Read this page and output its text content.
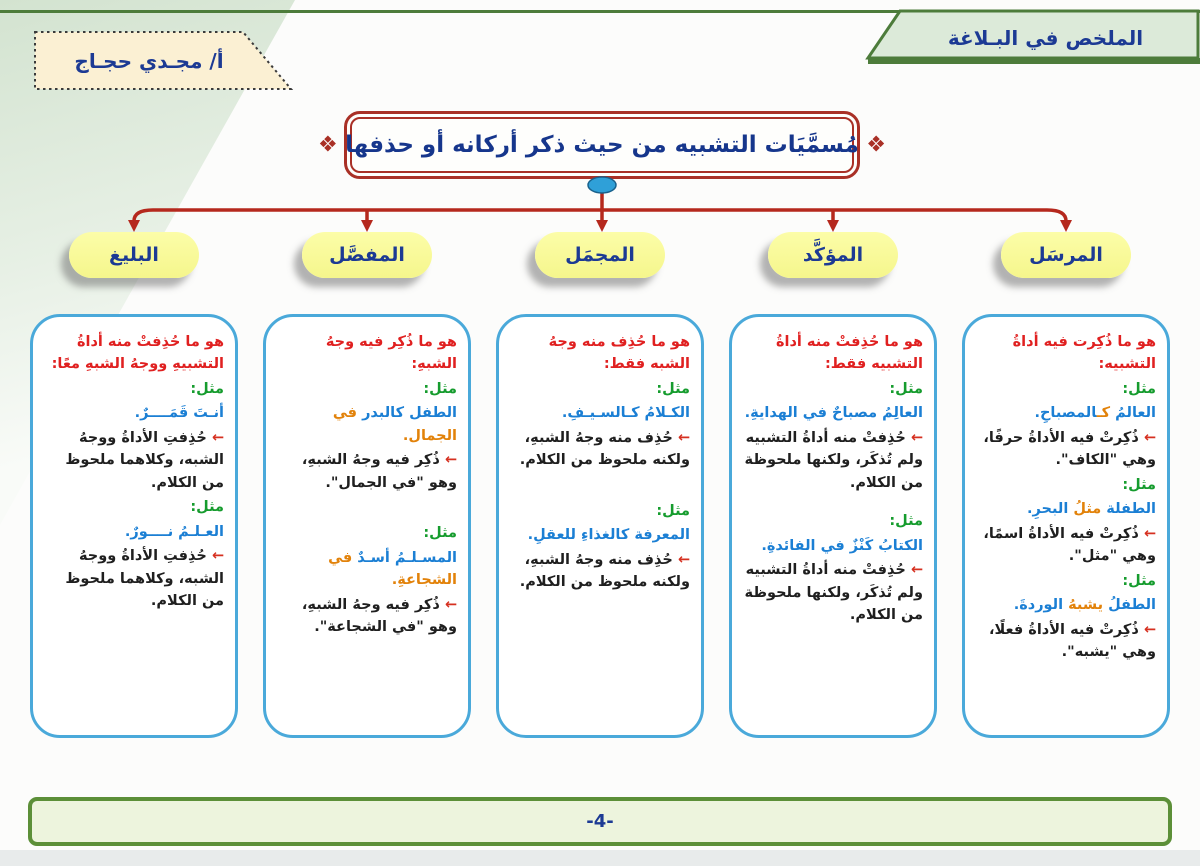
أ/ مجـدي حجـاج
الملخص في البـلاغة
مُسمَّيَات التشبيه من حيث ذكر أركانه أو حذفها
❖	❖
المرسَل
هو ما ذُكِرت فيه أداةُ التشبيه:
مثل:
العالمُ كـالمصباحِ.
← ذُكِرتْ فيه الأداةُ حرفًا، وهي "الكاف".
مثل:
الطفلة مثلُ البحرِ.
← ذُكِرتْ فيه الأداةُ اسمًا، وهي "مثل".
مثل:
الطفلُ يشبهُ الوردةَ.
← ذُكِرتْ فيه الأداةُ فعلًا، وهي "يشبه".
المؤكَّد
هو ما حُذِفتْ منه أداةُ التشبيه فقط:
مثل:
العالِمُ مصباحٌ في الهدايةِ.
← حُذِفتْ منه أداةُ التشبيه ولم تُذكَر، ولكنها ملحوظة من الكلام.
مثل:
الكتابُ كَنْزٌ في الفائدةِ.
← حُذِفتْ منه أداةُ التشبيه ولم تُذكَر، ولكنها ملحوظة من الكلام.
المجمَل
هو ما حُذِف منه وجهُ الشبه فقط:
مثل:
الكـلامُ كـالسـيـفِ.
← حُذِف منه وجهُ الشبهِ، ولكنه ملحوظ من الكلام.
مثل:
المعرفة كالغذاءِ للعقلِ.
← حُذِف منه وجهُ الشبهِ، ولكنه ملحوظ من الكلام.
المفصَّل
هو ما ذُكِر فيه وجهُ الشبهِ:
مثل:
الطفل كالبدر في الجمال.
← ذُكِر فيه وجهُ الشبهِ، وهو "في الجمال".
مثل:
المسـلـمُ أسـدٌ في الشجاعةِ.
← ذُكِر فيه وجهُ الشبهِ، وهو "في الشجاعة".
البليغ
هو ما حُذِفتْ منه أداةُ التشبيهِ ووجهُ الشبهِ معًا:
مثل:
أنـتَ قَمَــــرٌ.
← حُذِفتِ الأداةُ ووجهُ الشبه، وكلاهما ملحوظ من الكلام.
مثل:
العـلـمُ نــــورٌ.
← حُذِفتِ الأداةُ ووجهُ الشبه، وكلاهما ملحوظ من الكلام.
-4-
